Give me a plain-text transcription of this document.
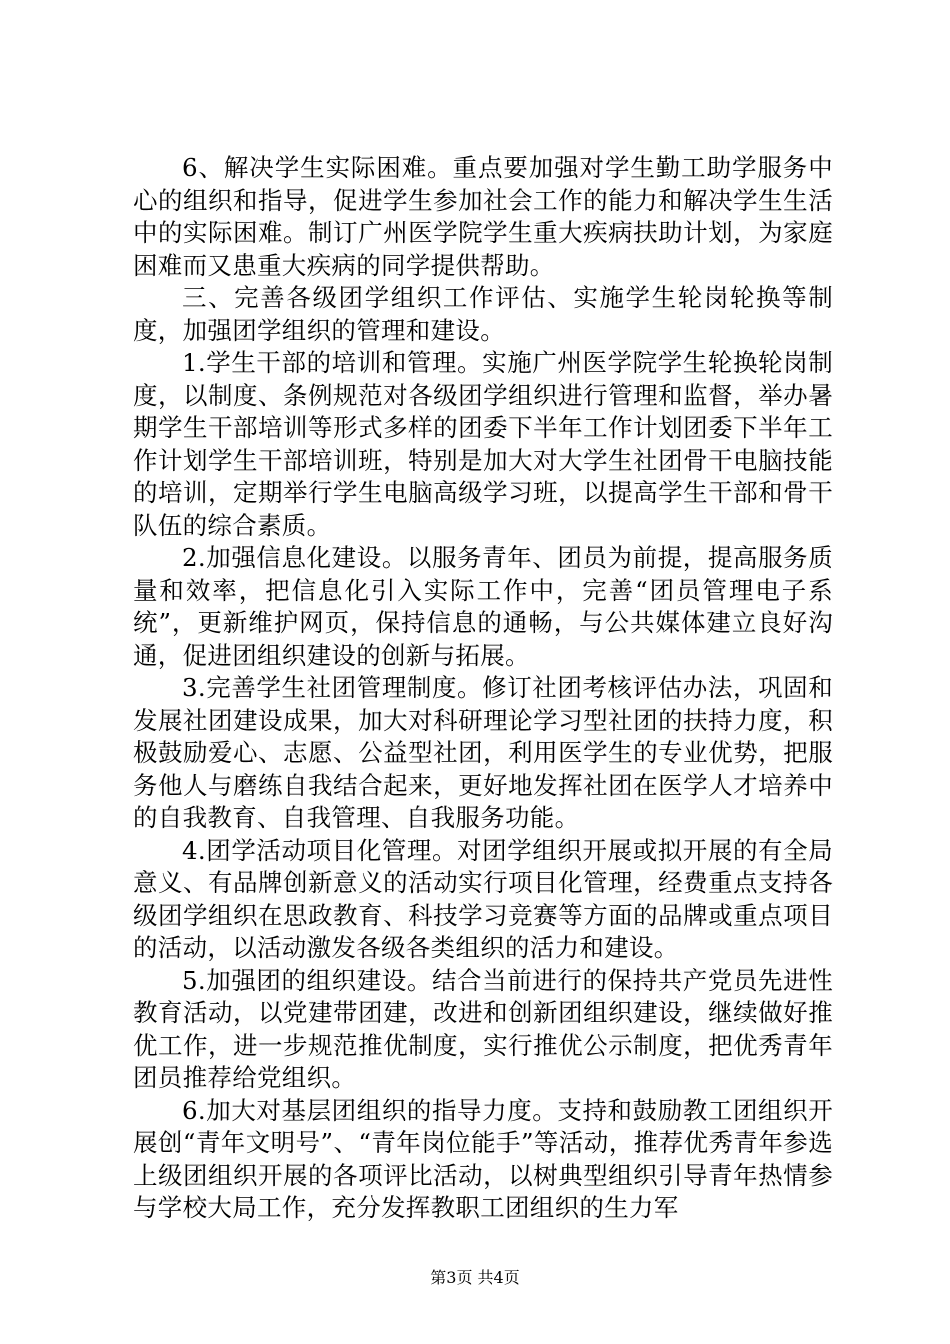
6、解决学生实际困难。重点要加强对学生勤工助学服务中心的组织和指导，促进学生参加社会工作的能力和解决学生生活中的实际困难。制订广州医学院学生重大疾病扶助计划，为家庭困难而又患重大疾病的同学提供帮助。

三、完善各级团学组织工作评估、实施学生轮岗轮换等制度，加强团学组织的管理和建设。

1.学生干部的培训和管理。实施广州医学院学生轮换轮岗制度，以制度、条例规范对各级团学组织进行管理和监督，举办暑期学生干部培训等形式多样的团委下半年工作计划团委下半年工作计划学生干部培训班，特别是加大对大学生社团骨干电脑技能的培训，定期举行学生电脑高级学习班，以提高学生干部和骨干队伍的综合素质。

2.加强信息化建设。以服务青年、团员为前提，提高服务质量和效率，把信息化引入实际工作中，完善“团员管理电子系统”，更新维护网页，保持信息的通畅，与公共媒体建立良好沟通，促进团组织建设的创新与拓展。

3.完善学生社团管理制度。修订社团考核评估办法，巩固和发展社团建设成果，加大对科研理论学习型社团的扶持力度，积极鼓励爱心、志愿、公益型社团，利用医学生的专业优势，把服务他人与磨练自我结合起来，更好地发挥社团在医学人才培养中的自我教育、自我管理、自我服务功能。

4.团学活动项目化管理。对团学组织开展或拟开展的有全局意义、有品牌创新意义的活动实行项目化管理，经费重点支持各级团学组织在思政教育、科技学习竞赛等方面的品牌或重点项目的活动，以活动激发各级各类组织的活力和建设。

5.加强团的组织建设。结合当前进行的保持共产党员先进性教育活动，以党建带团建，改进和创新团组织建设，继续做好推优工作，进一步规范推优制度，实行推优公示制度，把优秀青年团员推荐给党组织。

6.加大对基层团组织的指导力度。支持和鼓励教工团组织开展创“青年文明号”、“青年岗位能手”等活动，推荐优秀青年参选上级团组织开展的各项评比活动，以树典型组织引导青年热情参与学校大局工作，充分发挥教职工团组织的生力军

第3页 共4页
